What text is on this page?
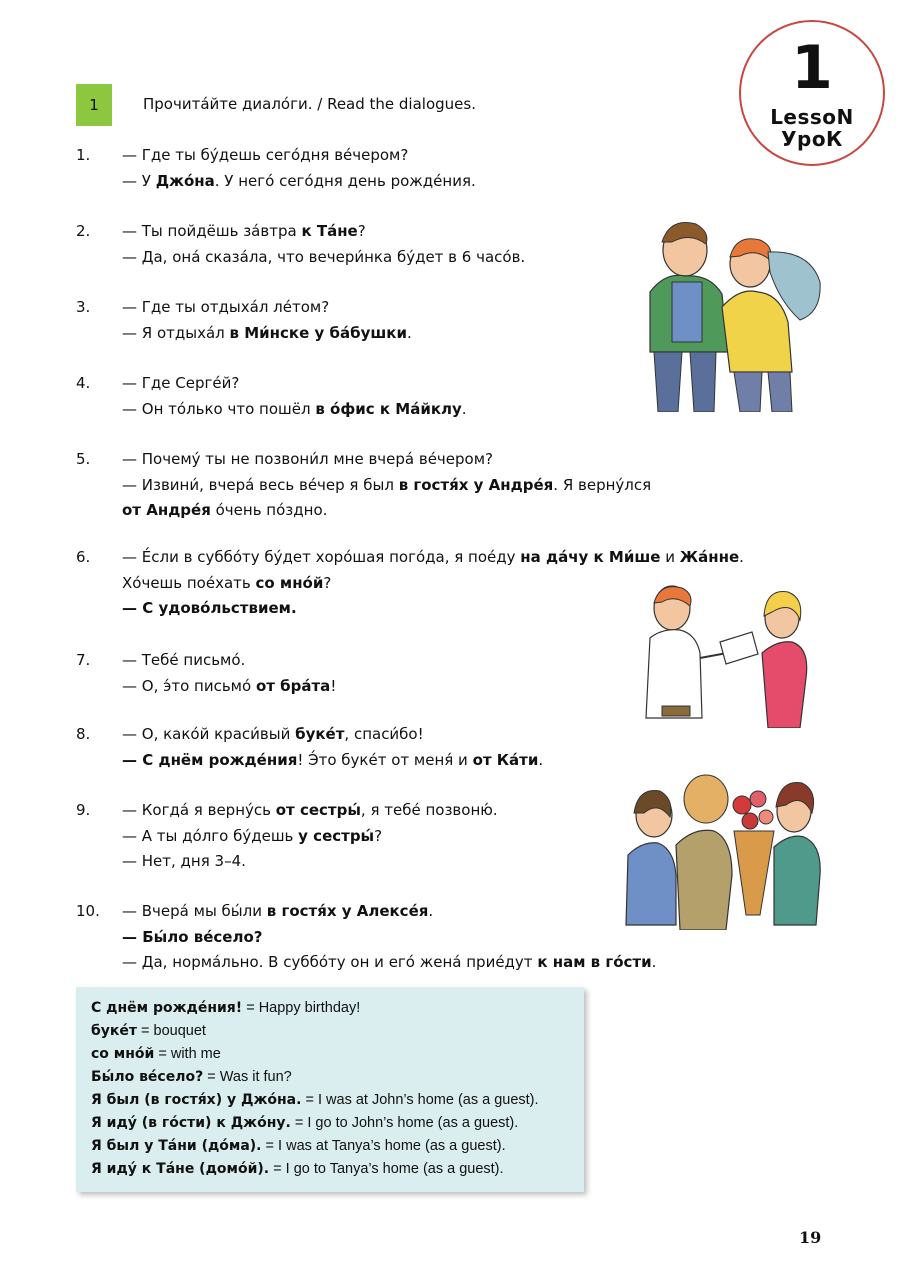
1
LessoN
УроК
1	Прочита́йте диало́ги. / Read the dialogues.
1. — Где ты бу́дешь сего́дня ве́чером?
— У Джо́на. У него́ сего́дня день рожде́ния.
2. — Ты пойдёшь за́втра к Та́не?
— Да, она́ сказа́ла, что вечери́нка бу́дет в 6 часо́в.
3. — Где ты отдыха́л ле́том?
— Я отдыха́л в Ми́нске у ба́бушки.
4. — Где Серге́й?
— Он то́лько что пошёл в о́фис к Ма́йклу.
5. — Почему́ ты не позвони́л мне вчера́ ве́чером?
— Извини́, вчера́ весь ве́чер я был в гостя́х у Андре́я. Я верну́лся
от Андре́я о́чень по́здно.
6. — Е́сли в суббо́ту бу́дет хоро́шая пого́да, я пое́ду на да́чу к Ми́ше и Жа́нне.
Хо́чешь пое́хать со мно́й?
— С удово́льствием.
7. — Тебе́ письмо́.
— О, э́то письмо́ от бра́та!
8. — О, како́й краси́вый буке́т, спаси́бо!
— С днём рожде́ния! Э́то буке́т от меня́ и от Ка́ти.
9. — Когда́ я верну́сь от сестры́, я тебе́ позвоню́.
— А ты до́лго бу́дешь у сестры́?
— Нет, дня 3–4.
10. — Вчера́ мы бы́ли в гостя́х у Алексе́я.
— Бы́ло ве́село?
— Да, норма́льно. В суббо́ту он и его́ жена́ прие́дут к нам в го́сти.
С днём рожде́ния! = Happy birthday!
буке́т = bouquet
со мно́й = with me
Бы́ло ве́село? = Was it fun?
Я был (в гостя́х) у Джо́на. = I was at John’s home (as a guest).
Я иду́ (в го́сти) к Джо́ну. = I go to John’s home (as a guest).
Я был у Та́ни (до́ма). = I was at Tanya’s home (as a guest).
Я иду́ к Та́не (домо́й). = I go to Tanya’s home (as a guest).
19
